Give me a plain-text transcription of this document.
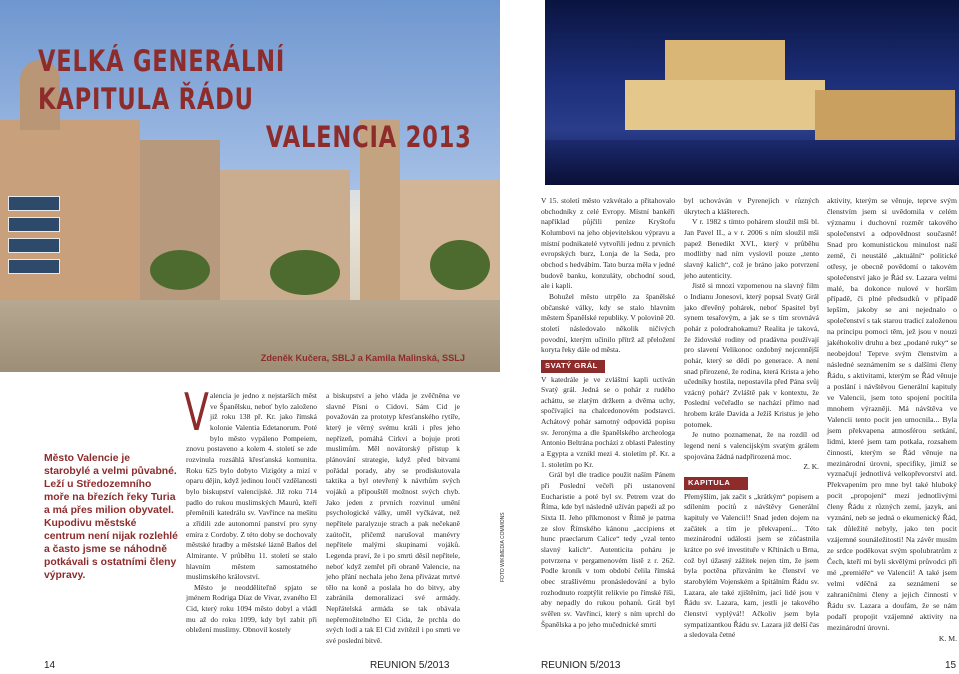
VELKÁ GENERÁLNÍ KAPITULA ŘÁDU
VALENCIA 2013
FOTO WIKIMEDIA COMMONS
Město Valencie je starobylé a velmi půvabné. Leží u Středozemního moře na březích řeky Turia a má přes milion obyvatel. Kupodivu městské centrum není nijak rozlehlé a často jsme se náhodně potkávali s ostatními členy výpravy.
Zdeněk Kučera, SBLJ a Kamila Malinská, SSLJ
V alencia je jedno z nejstarších měst ve Španělsku, neboť bylo založeno již roku 138 př. Kr. jako římská kolonie Valentia Edetanorum. Poté bylo město vypáleno Pompeiem, znovu postaveno a kolem 4. století se zde rozvinula rozsáhlá křesťanská komunita. Roku 625 bylo dobyto Vizigóty a mizí v oparu dějin, když jedinou loučí vzdělanosti bylo biskupství valencijské. Již roku 714 padlo do rukou muslimských Maurů, kteří přeměnili katedrálu sv. Vavřince na mešitu a zřídili zde autonomní panství pro syny emíra z Cordoby. Z této doby se dochovaly městské hradby a městské lázně Baños del Almirante. V průběhu 11. století se stalo hlavním městem samostatného muslimského království.
Město je neodděliteľně spjato se jménem Rodriga Díaz de Vivar, zvaného El Cid, který roku 1094 město dobyl a vládl mu až do roku 1099, kdy byl zabit při obležení muslimy. Obnovil kostely
a biskupství a jeho vláda je zvěčněna ve slavné Písni o Cidovi. Sám Cid je považován za prototyp křesťanského rytíře, který je věrný svému králi i přes jeho nepřízeň, pomáhá Církvi a bojuje proti muslimům. Měl novátorský přístup k plánování strategie, když před bitvami pořádal porady, aby se prodiskutovala taktika a byl otevřený k návrhům svých vojáků a připouštěl možnost svých chyb. Jako jeden z prvních rozvinul umění psychologické války, uměl vyčkávat, než nepřítele paralyzuje strach a pak nečekaně zaútočit, přičemž narušoval manévry nepřítele malými skupinami vojáků. Legenda praví, že i po smrti děsil nepřítele, neboť když zemřel při obraně Valencie, na jeho přání nechala jeho žena přivázat mrtvé tělo na koně a poslala ho do bitvy, aby zabránila demoralizaci své armády. Nepřátelská armáda se tak obávala nepřemožitelného El Cida, že prchla do svých lodí a tak El Cid zvítězil i po smrti ve své poslední bitvě.
V 15. století město vzkvétalo a přitahovalo obchodníky z celé Evropy. Místní bankéři například půjčili peníze Kryštofu Kolumbovi na jeho objevitelskou výpravu a místní podnikatelé vytvořili jednu z prvních evropských burz, Lonja de la Seda, pro obchod s hedvábím. Tato burza měla v jedné budově banku, konzuláty, obchodní soud, ale i kapli.
Bohužel město utrpělo za španělské občanské války, kdy se stalo hlavním městem Španělské republiky. V polovině 20. století následovalo několik ničivých povodní, kterým učinilo přítrž až přeložení koryta řeky dále od města.
SVATÝ GRÁL
V katedrále je ve zvláštní kapli uctíván Svatý grál. Jedná se o pohár z rudého acháttu, se zlatým držkem a dvěma uchy, spočívající na chalcedonovém podstavci. Achátový pohár samotný odpovídá popisu sv. Jeronýma a dle španělského archeologa Antonio Beltrána pochází z oblasti Palestiny a Egypta a vznikl mezi 4. stoletím př. Kr. a 1. stoletím po Kr.
Grál byl dle tradice použit naším Pánem při Poslední večeři při ustanovení Eucharistie a poté byl sv. Petrem vzat do Říma, kde byl následně užíván papeži až po Sixta II. Jeho příkmonost v Římě je patrna ze slov Římského kánonu „accipiens et hunc praeclarum Calice“ tedy „vzal tento slavný kalich“. Autenticita poháru je potvrzena v pergamenovém listě z r. 262. Podle kroník v tom období čelila římská obec strašlivému pronásledování a bylo rozhodnuto rozptýlit relikvie po římské říši, aby nepadly do rukou pohanů. Grál byl svěřen sv. Vavřinci, který s ním uprchl do Španělska a po jeho mučednické smrti
byl uchováván v Pyrenejích v různých úkrytech a klášterech.
V r. 1982 s tímto pohárem sloužil mši bl. Jan Pavel II., a v r. 2006 s ním sloužil mši papež Benedikt XVI., který v průběhu modlitby nad ním vyslovil pouze „tento slavný kalich“, což je bráno jako potvrzení jeho autenticity.
Jistě si mnozí vzpomenou na slavný film o Indianu Jonesovi, který popsal Svatý Grál jako dřevěný pohárek, neboť Spasitel byl synem tesařovým, a jak se s tím srovnává pohár z polodrahokamu? Realita je taková, že židovské rodiny od pradávna používají pro slavení Velikonoc ozdobný nejcennější pohár, který se dědí po generace. A není snad přirozené, že rodina, která Krista a jeho učedníky hostila, nepostavila před Pána svůj vzácný pohár? Zvláště pak v kontextu, že Poslední večeřadlo se nachází přímo nad hrobem krále Davida a Ježíš Kristus je jeho potomek.
Je nutno poznamenat, že na rozdíl od legend není s valencijským svatým grálem spojována žádná nadpřirozená moc.
Z. K.
KAPITULA
Přemýšlím, jak začít s „krátkým“ popisem a sdílením pocitů z návštěvy Generální kapituly ve Valencii!! Snad jeden dojem na začátek a tím je překvapení... Této mezinárodní události jsem se zúčastnila krátce po své investituře v Křtinách u Brna, což byl úžasný zážitek nejen tím, že jsem byla poctěna přizváním ke členství ve starobylém Vojenském a špitálním Řádu sv. Lazara, ale také zjištěním, jací lidé jsou v Řádu sv. Lazara, kam, jestli je takového členství vyplývá!! Ačkoliv jsem byla sympatizantkou Řádu sv. Lazara již delší čas a sledovala četné
aktivity, kterým se věnuje, teprve svým členstvím jsem si uvědomila v celém významu i duchovní rozměr takového společenství a odpovědnost současně! Snad pro komunistickou minulost naší země, či neustálé „aktuální“ politické otřesy, je obecně povědomí o takovém společenství jako je Řád sv. Lazara velmi malé, ba dokonce nulové v horším případě, či plné předsudků v případě lepším, jakoby se ani nejednalo o společenství s tak starou tradicí založenou na principu pomoci těm, jež jsou v nouzi jakéhokoliv druhu a bez „podané ruky“ se neobejdou! Teprve svým členstvím a následné seznámením se s dalšími členy Řádu, s aktivitami, kterým se Řád věnuje a poslání i návštěvou Generální kapituly ve Valencii, jsem toto spojení pocítila mnohem výrazněji. Má návštěva ve Valencii tento pocit jen umocnila... Byla jsem překvapena atmosférou setkání, lidmi, které jsem tam potkala, rozsahem činností, kterým se Řád věnuje na mezinárodní úrovni, specifiky, jimiž se vyznačují jednotlivá velkopřevorství atd. Překvapením pro mne byl také hluboký pocit „propojení“ mezi jednotlivými členy Řádu z různých zemí, jazyk, ani vyznání, neb se jedná o ekumenický Řád, tak důležité nebyly, jako ten pocit vzájemné sounáležitosti! Na závěr musím ze srdce poděkovat svým spolubratrům z Čech, kteří mi byli skvělými průvodci při mé „premiéře“ ve Valencii! A také jsem velmi vděčná za seznámení se zahraničními členy a jejich činností v Řádu sv. Lazara a doufám, že se nám podaří propojit vzájemné aktivity na mezinárodní úrovni.
K. M.
14	REUNION 5/2013	REUNION 5/2013	15
